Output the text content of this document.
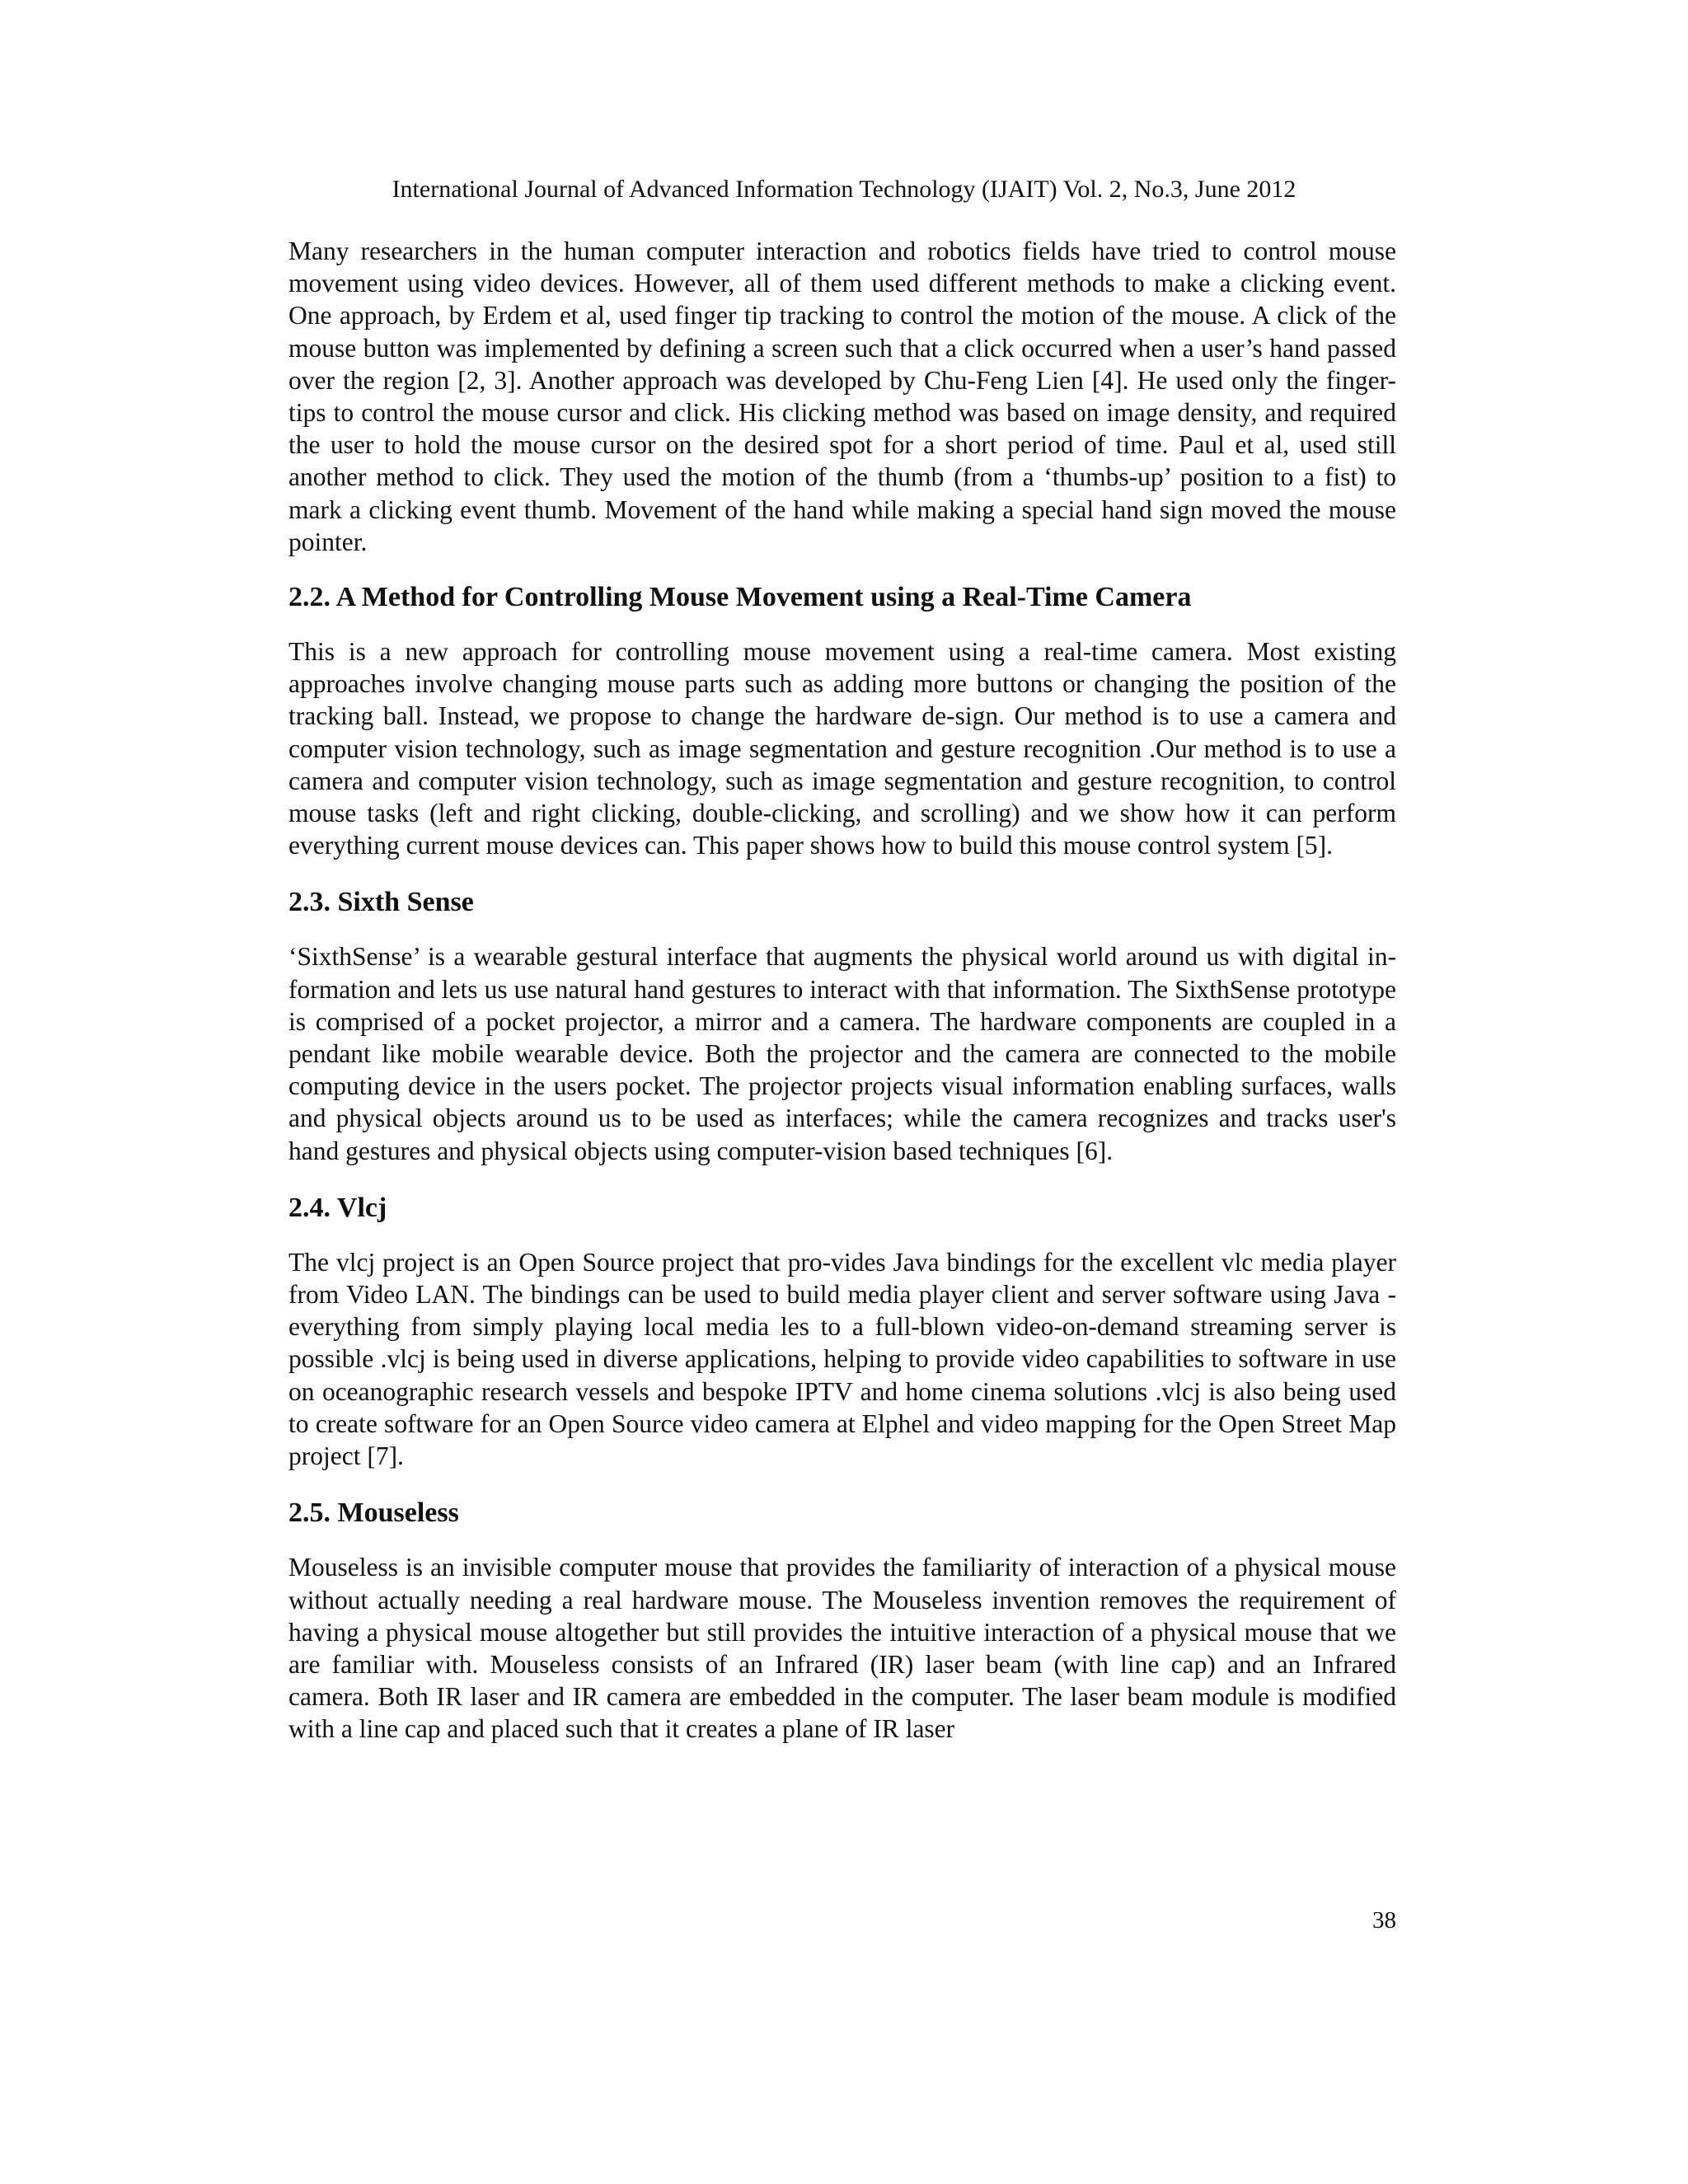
International Journal of Advanced Information Technology (IJAIT) Vol. 2, No.3, June 2012

Many researchers in the human computer interaction and robotics fields have tried to control mouse movement using video devices. However, all of them used different methods to make a clicking event. One approach, by Erdem et al, used finger tip tracking to control the motion of the mouse. A click of the mouse button was implemented by defining a screen such that a click occurred when a user’s hand passed over the region [2, 3]. Another approach was developed by Chu-Feng Lien [4]. He used only the finger-tips to control the mouse cursor and click. His clicking method was based on image density, and required the user to hold the mouse cursor on the desired spot for a short period of time. Paul et al, used still another method to click. They used the motion of the thumb (from a ‘thumbs-up’ position to a fist) to mark a clicking event thumb. Movement of the hand while making a special hand sign moved the mouse pointer.

2.2. A Method for Controlling Mouse Movement using a Real-Time Camera

This is a new approach for controlling mouse movement using a real-time camera. Most existing approaches involve changing mouse parts such as adding more buttons or changing the position of the tracking ball. Instead, we propose to change the hardware de-sign. Our method is to use a camera and computer vision technology, such as image segmentation and gesture recognition .Our method is to use a camera and computer vision technology, such as image segmentation and gesture recognition, to control mouse tasks (left and right clicking, double-clicking, and scrolling) and we show how it can perform everything current mouse devices can. This paper shows how to build this mouse control system [5].

2.3. Sixth Sense

‘SixthSense’ is a wearable gestural interface that augments the physical world around us with digital in-formation and lets us use natural hand gestures to interact with that information. The SixthSense prototype is comprised of a pocket projector, a mirror and a camera. The hardware components are coupled in a pendant like mobile wearable device. Both the projector and the camera are connected to the mobile computing device in the users pocket. The projector projects visual information enabling surfaces, walls and physical objects around us to be used as interfaces; while the camera recognizes and tracks user's hand gestures and physical objects using computer-vision based techniques [6].

2.4. Vlcj

The vlcj project is an Open Source project that pro-vides Java bindings for the excellent vlc media player from Video LAN. The bindings can be used to build media player client and server software using Java - everything from simply playing local media les to a full-blown video-on-demand streaming server is possible .vlcj is being used in diverse applications, helping to provide video capabilities to software in use on oceanographic research vessels and bespoke IPTV and home cinema solutions .vlcj is also being used to create software for an Open Source video camera at Elphel and video mapping for the Open Street Map project [7].

2.5. Mouseless

Mouseless is an invisible computer mouse that provides the familiarity of interaction of a physical mouse without actually needing a real hardware mouse. The Mouseless invention removes the requirement of having a physical mouse altogether but still provides the intuitive interaction of a physical mouse that we are familiar with. Mouseless consists of an Infrared (IR) laser beam (with line cap) and an Infrared camera. Both IR laser and IR camera are embedded in the computer. The laser beam module is modified with a line cap and placed such that it creates a plane of IR laser

38
